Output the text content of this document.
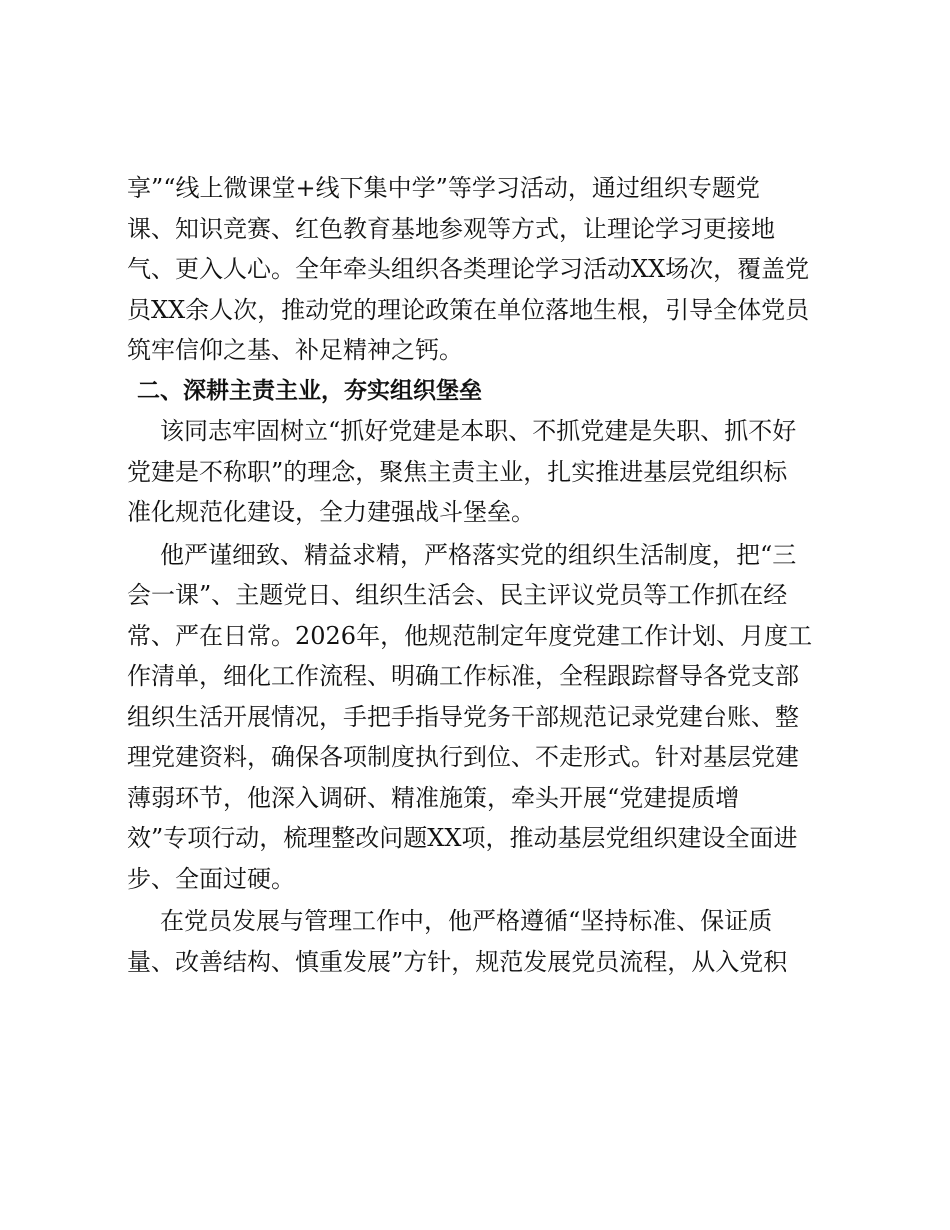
享”“线上微课堂+线下集中学”等学习活动，通过组织专题党
课、知识竞赛、红色教育基地参观等方式，让理论学习更接地
气、更入人心。全年牵头组织各类理论学习活动XX场次，覆盖党
员XX余人次，推动党的理论政策在单位落地生根，引导全体党员
筑牢信仰之基、补足精神之钙。
二、深耕主责主业，夯实组织堡垒
该同志牢固树立“抓好党建是本职、不抓党建是失职、抓不好
党建是不称职”的理念，聚焦主责主业，扎实推进基层党组织标
准化规范化建设，全力建强战斗堡垒。
他严谨细致、精益求精，严格落实党的组织生活制度，把“三
会一课”、主题党日、组织生活会、民主评议党员等工作抓在经
常、严在日常。2026年，他规范制定年度党建工作计划、月度工
作清单，细化工作流程、明确工作标准，全程跟踪督导各党支部
组织生活开展情况，手把手指导党务干部规范记录党建台账、整
理党建资料，确保各项制度执行到位、不走形式。针对基层党建
薄弱环节，他深入调研、精准施策，牵头开展“党建提质增
效”专项行动，梳理整改问题XX项，推动基层党组织建设全面进
步、全面过硬。
在党员发展与管理工作中，他严格遵循“坚持标准、保证质
量、改善结构、慎重发展”方针，规范发展党员流程，从入党积
